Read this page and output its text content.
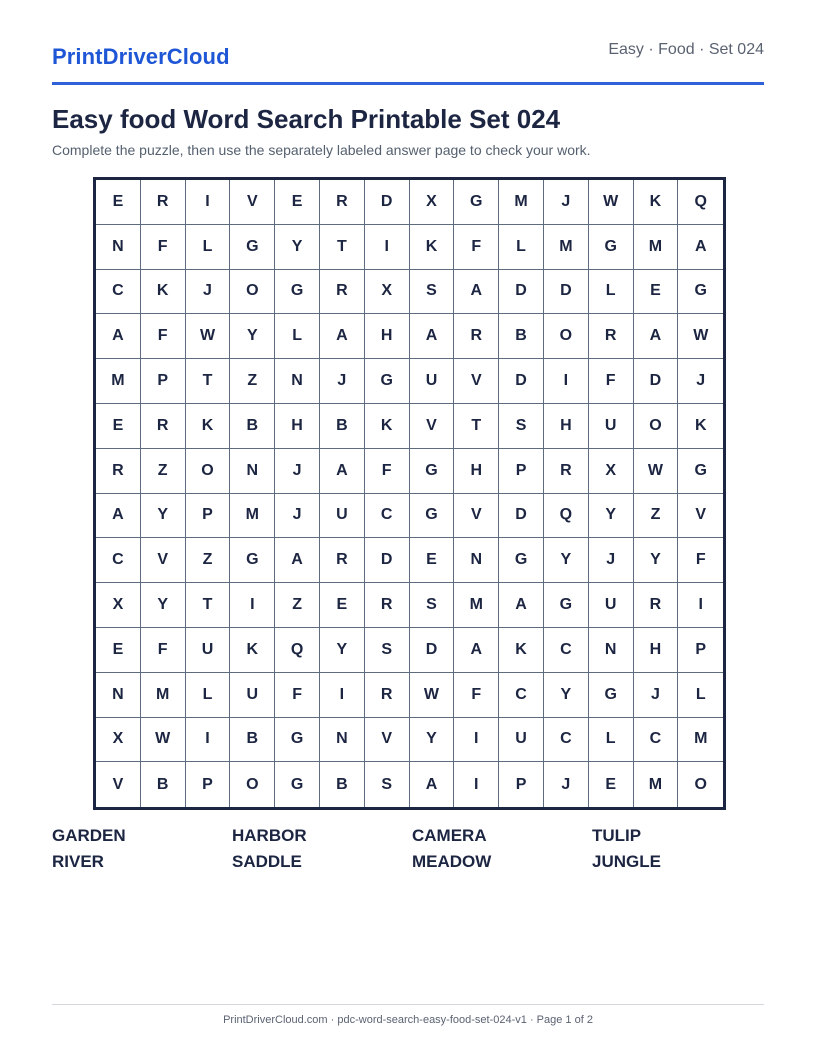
PrintDriverCloud	Easy · Food · Set 024
Easy food Word Search Printable Set 024
Complete the puzzle, then use the separately labeled answer page to check your work.
E	R	I	V	E	R	D	X	G	M	J	W	K	Q
N	F	L	G	Y	T	I	K	F	L	M	G	M	A
C	K	J	O	G	R	X	S	A	D	D	L	E	G
A	F	W	Y	L	A	H	A	R	B	O	R	A	W
M	P	T	Z	N	J	G	U	V	D	I	F	D	J
E	R	K	B	H	B	K	V	T	S	H	U	O	K
R	Z	O	N	J	A	F	G	H	P	R	X	W	G
A	Y	P	M	J	U	C	G	V	D	Q	Y	Z	V
C	V	Z	G	A	R	D	E	N	G	Y	J	Y	F
X	Y	T	I	Z	E	R	S	M	A	G	U	R	I
E	F	U	K	Q	Y	S	D	A	K	C	N	H	P
N	M	L	U	F	I	R	W	F	C	Y	G	J	L
X	W	I	B	G	N	V	Y	I	U	C	L	C	M
V	B	P	O	G	B	S	A	I	P	J	E	M	O
GARDEN	HARBOR	CAMERA	TULIP
RIVER	SADDLE	MEADOW	JUNGLE
PrintDriverCloud.com · pdc-word-search-easy-food-set-024-v1 · Page 1 of 2
